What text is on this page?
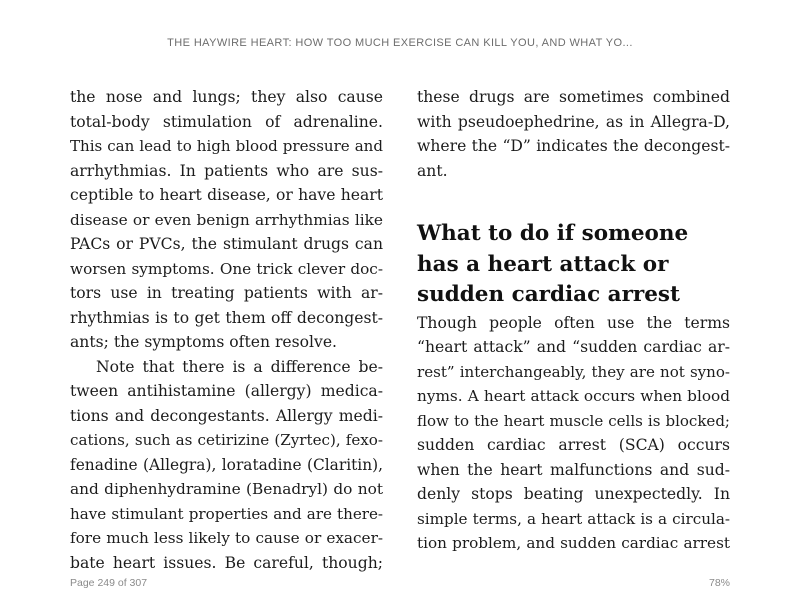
THE HAYWIRE HEART: HOW TOO MUCH EXERCISE CAN KILL YOU, AND WHAT YO...
the nose and lungs; they also cause
total-body stimulation of adrenaline.
This can lead to high blood pressure and
arrhythmias. In patients who are sus-
ceptible to heart disease, or have heart
disease or even benign arrhythmias like
PACs or PVCs, the stimulant drugs can
worsen symptoms. One trick clever doc-
tors use in treating patients with ar-
rhythmias is to get them off decongest-
ants; the symptoms often resolve.
Note that there is a difference be-
tween antihistamine (allergy) medica-
tions and decongestants. Allergy medi-
cations, such as cetirizine (Zyrtec), fexo-
fenadine (Allegra), loratadine (Claritin),
and diphenhydramine (Benadryl) do not
have stimulant properties and are there-
fore much less likely to cause or exacer-
bate heart issues. Be careful, though;
these drugs are sometimes combined
with pseudoephedrine, as in Allegra-D,
where the “D” indicates the decongest-
ant.
What to do if someone
has a heart attack or
sudden cardiac arrest
Though people often use the terms
“heart attack” and “sudden cardiac ar-
rest” interchangeably, they are not syno-
nyms. A heart attack occurs when blood
flow to the heart muscle cells is blocked;
sudden cardiac arrest (SCA) occurs
when the heart malfunctions and sud-
denly stops beating unexpectedly. In
simple terms, a heart attack is a circula-
tion problem, and sudden cardiac arrest
Page 249 of 307	78%
